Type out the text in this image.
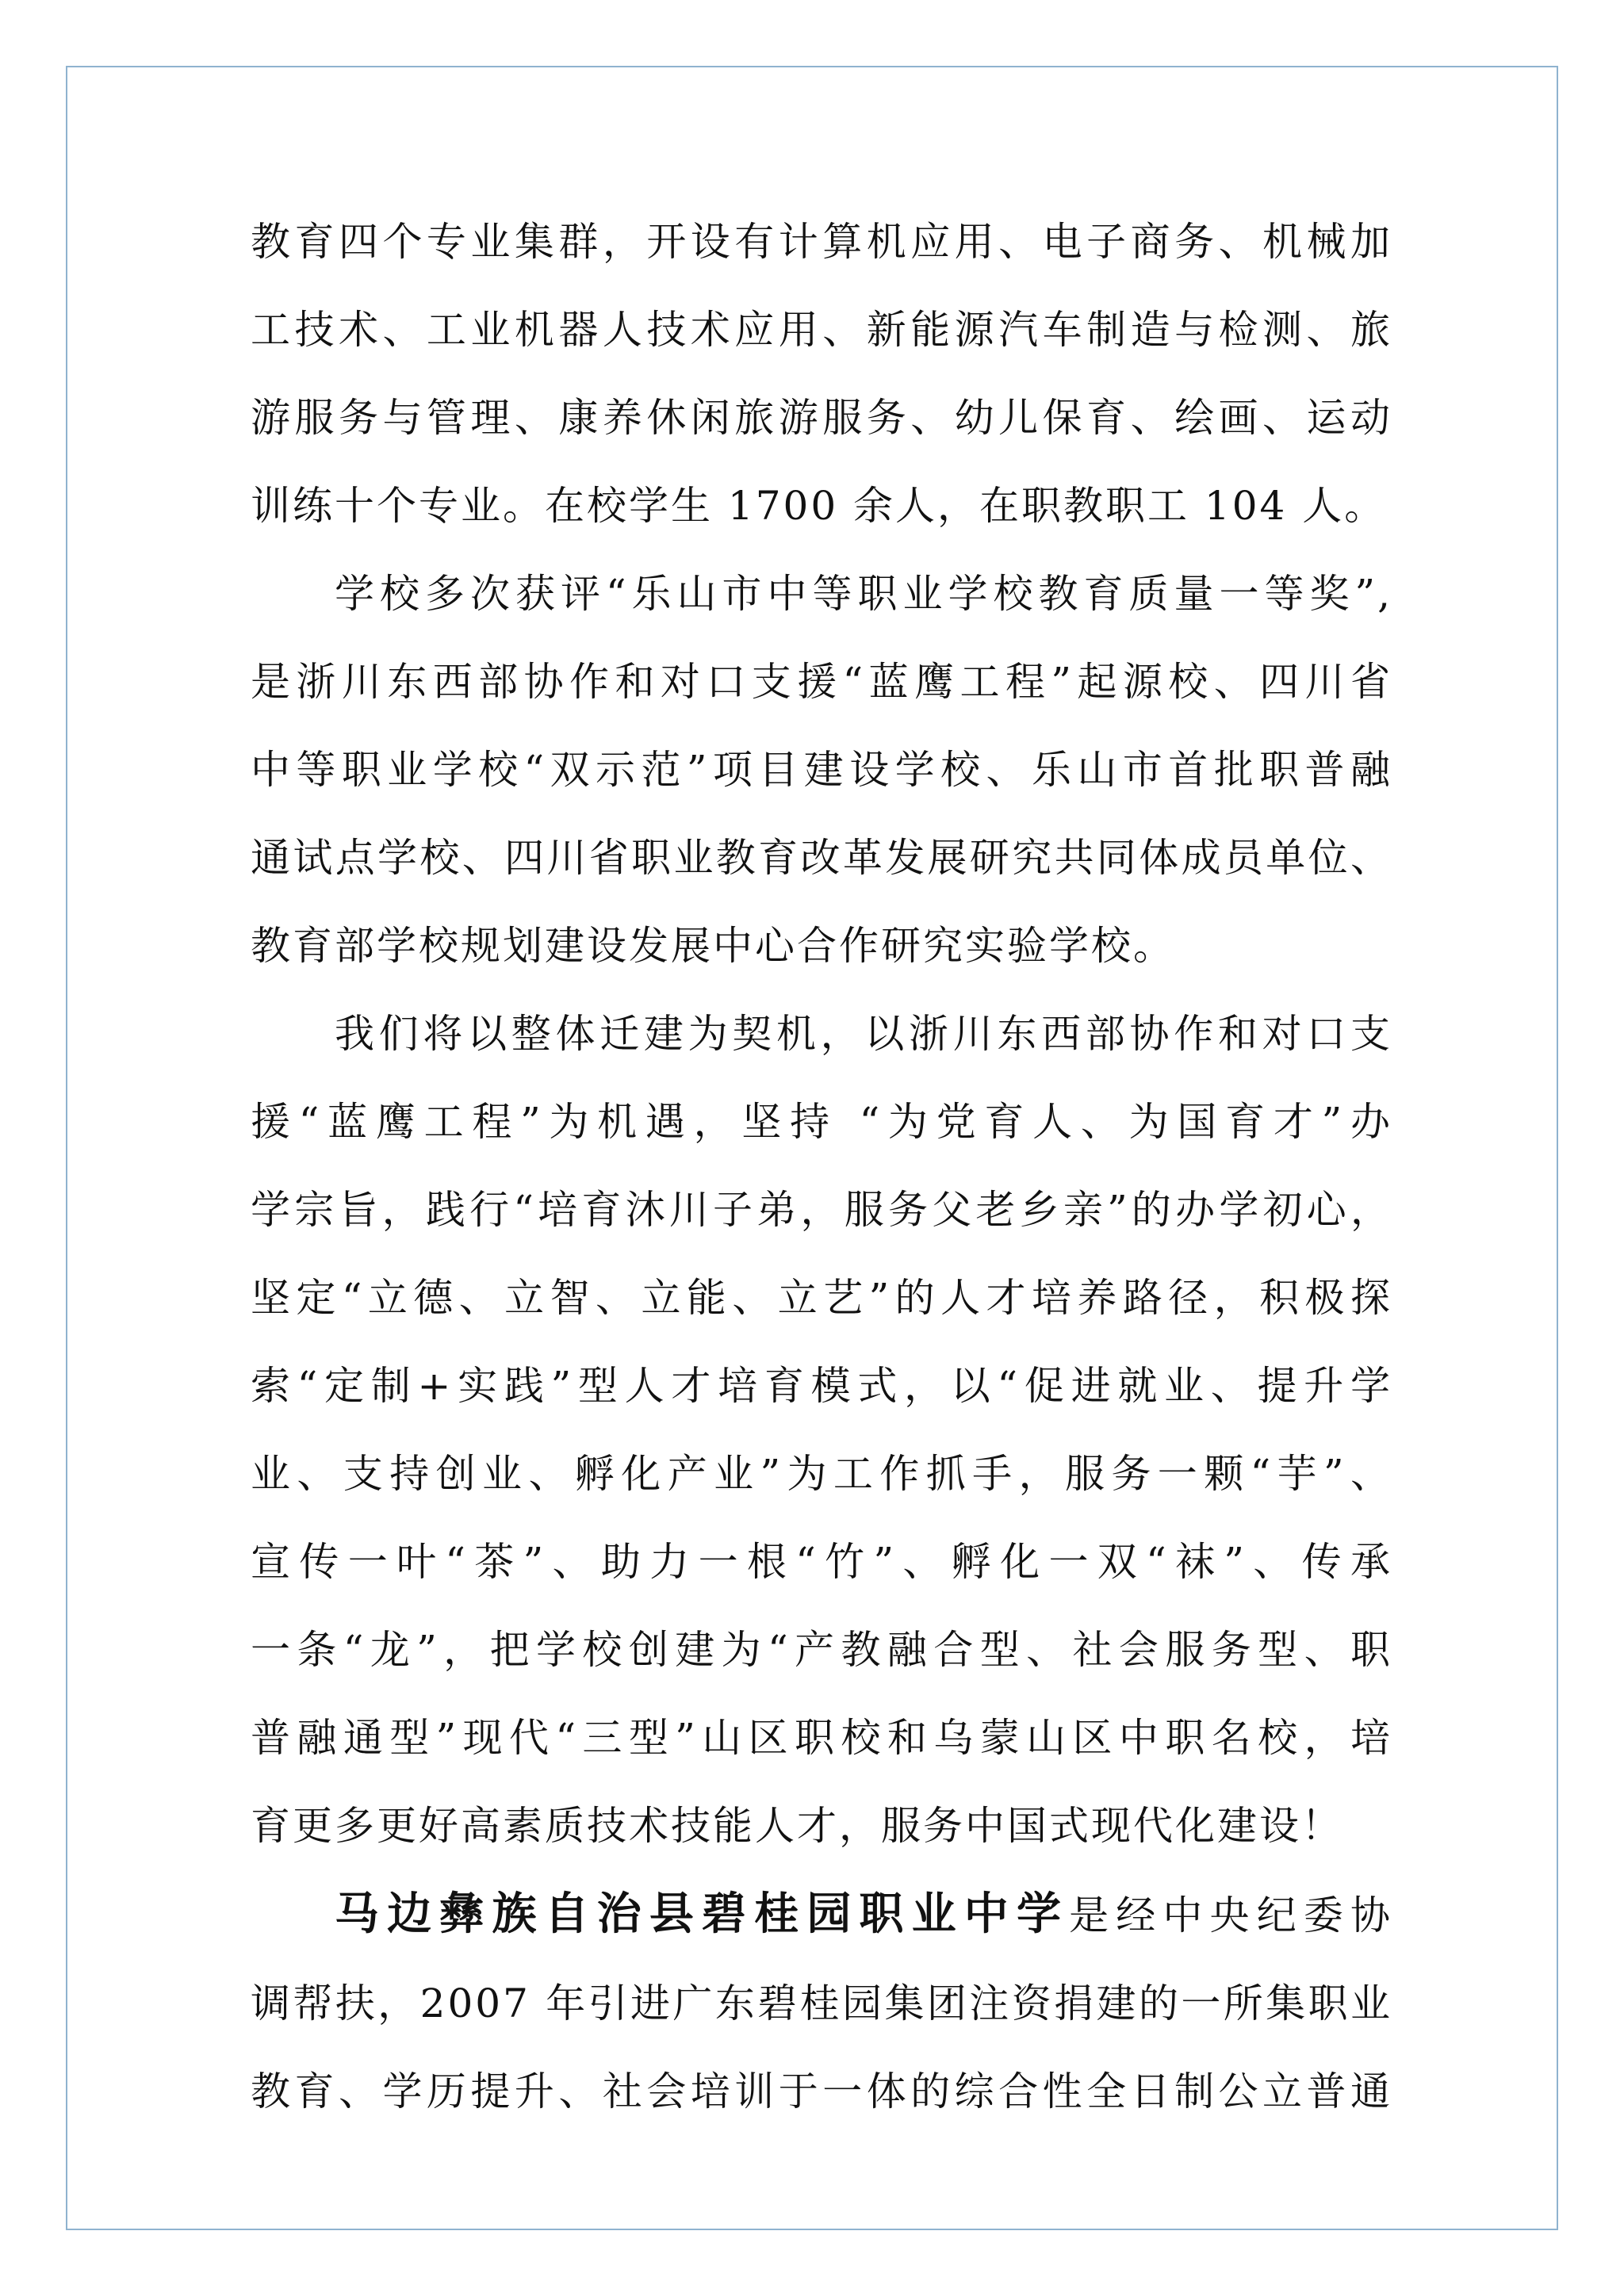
教育四个专业集群，开设有计算机应用、电子商务、机械加
工技术、工业机器人技术应用、新能源汽车制造与检测、旅
游服务与管理、康养休闲旅游服务、幼儿保育、绘画、运动
训练十个专业。在校学生 1700 余人，在职教职工 104 人。
学校多次获评“乐山市中等职业学校教育质量一等奖”,
是浙川东西部协作和对口支援“蓝鹰工程”起源校、四川省
中等职业学校“双示范”项目建设学校、乐山市首批职普融
通试点学校、四川省职业教育改革发展研究共同体成员单位、
教育部学校规划建设发展中心合作研究实验学校。
我们将以整体迁建为契机，以浙川东西部协作和对口支
援“蓝鹰工程”为机遇，坚持 “为党育人、为国育才”办
学宗旨，践行“培育沐川子弟，服务父老乡亲”的办学初心，
坚定“立德、立智、立能、立艺”的人才培养路径，积极探
索“定制+实践”型人才培育模式，以“促进就业、提升学
业、支持创业、孵化产业”为工作抓手，服务一颗“芋”、
宣传一叶“茶”、助力一根“竹”、孵化一双“袜”、传承
一条“龙”，把学校创建为“产教融合型、社会服务型、职
普融通型”现代“三型”山区职校和乌蒙山区中职名校，培
育更多更好高素质技术技能人才，服务中国式现代化建设！
马边彝族自治县碧桂园职业中学是经中央纪委协
调帮扶，2007 年引进广东碧桂园集团注资捐建的一所集职业
教育、学历提升、社会培训于一体的综合性全日制公立普通
